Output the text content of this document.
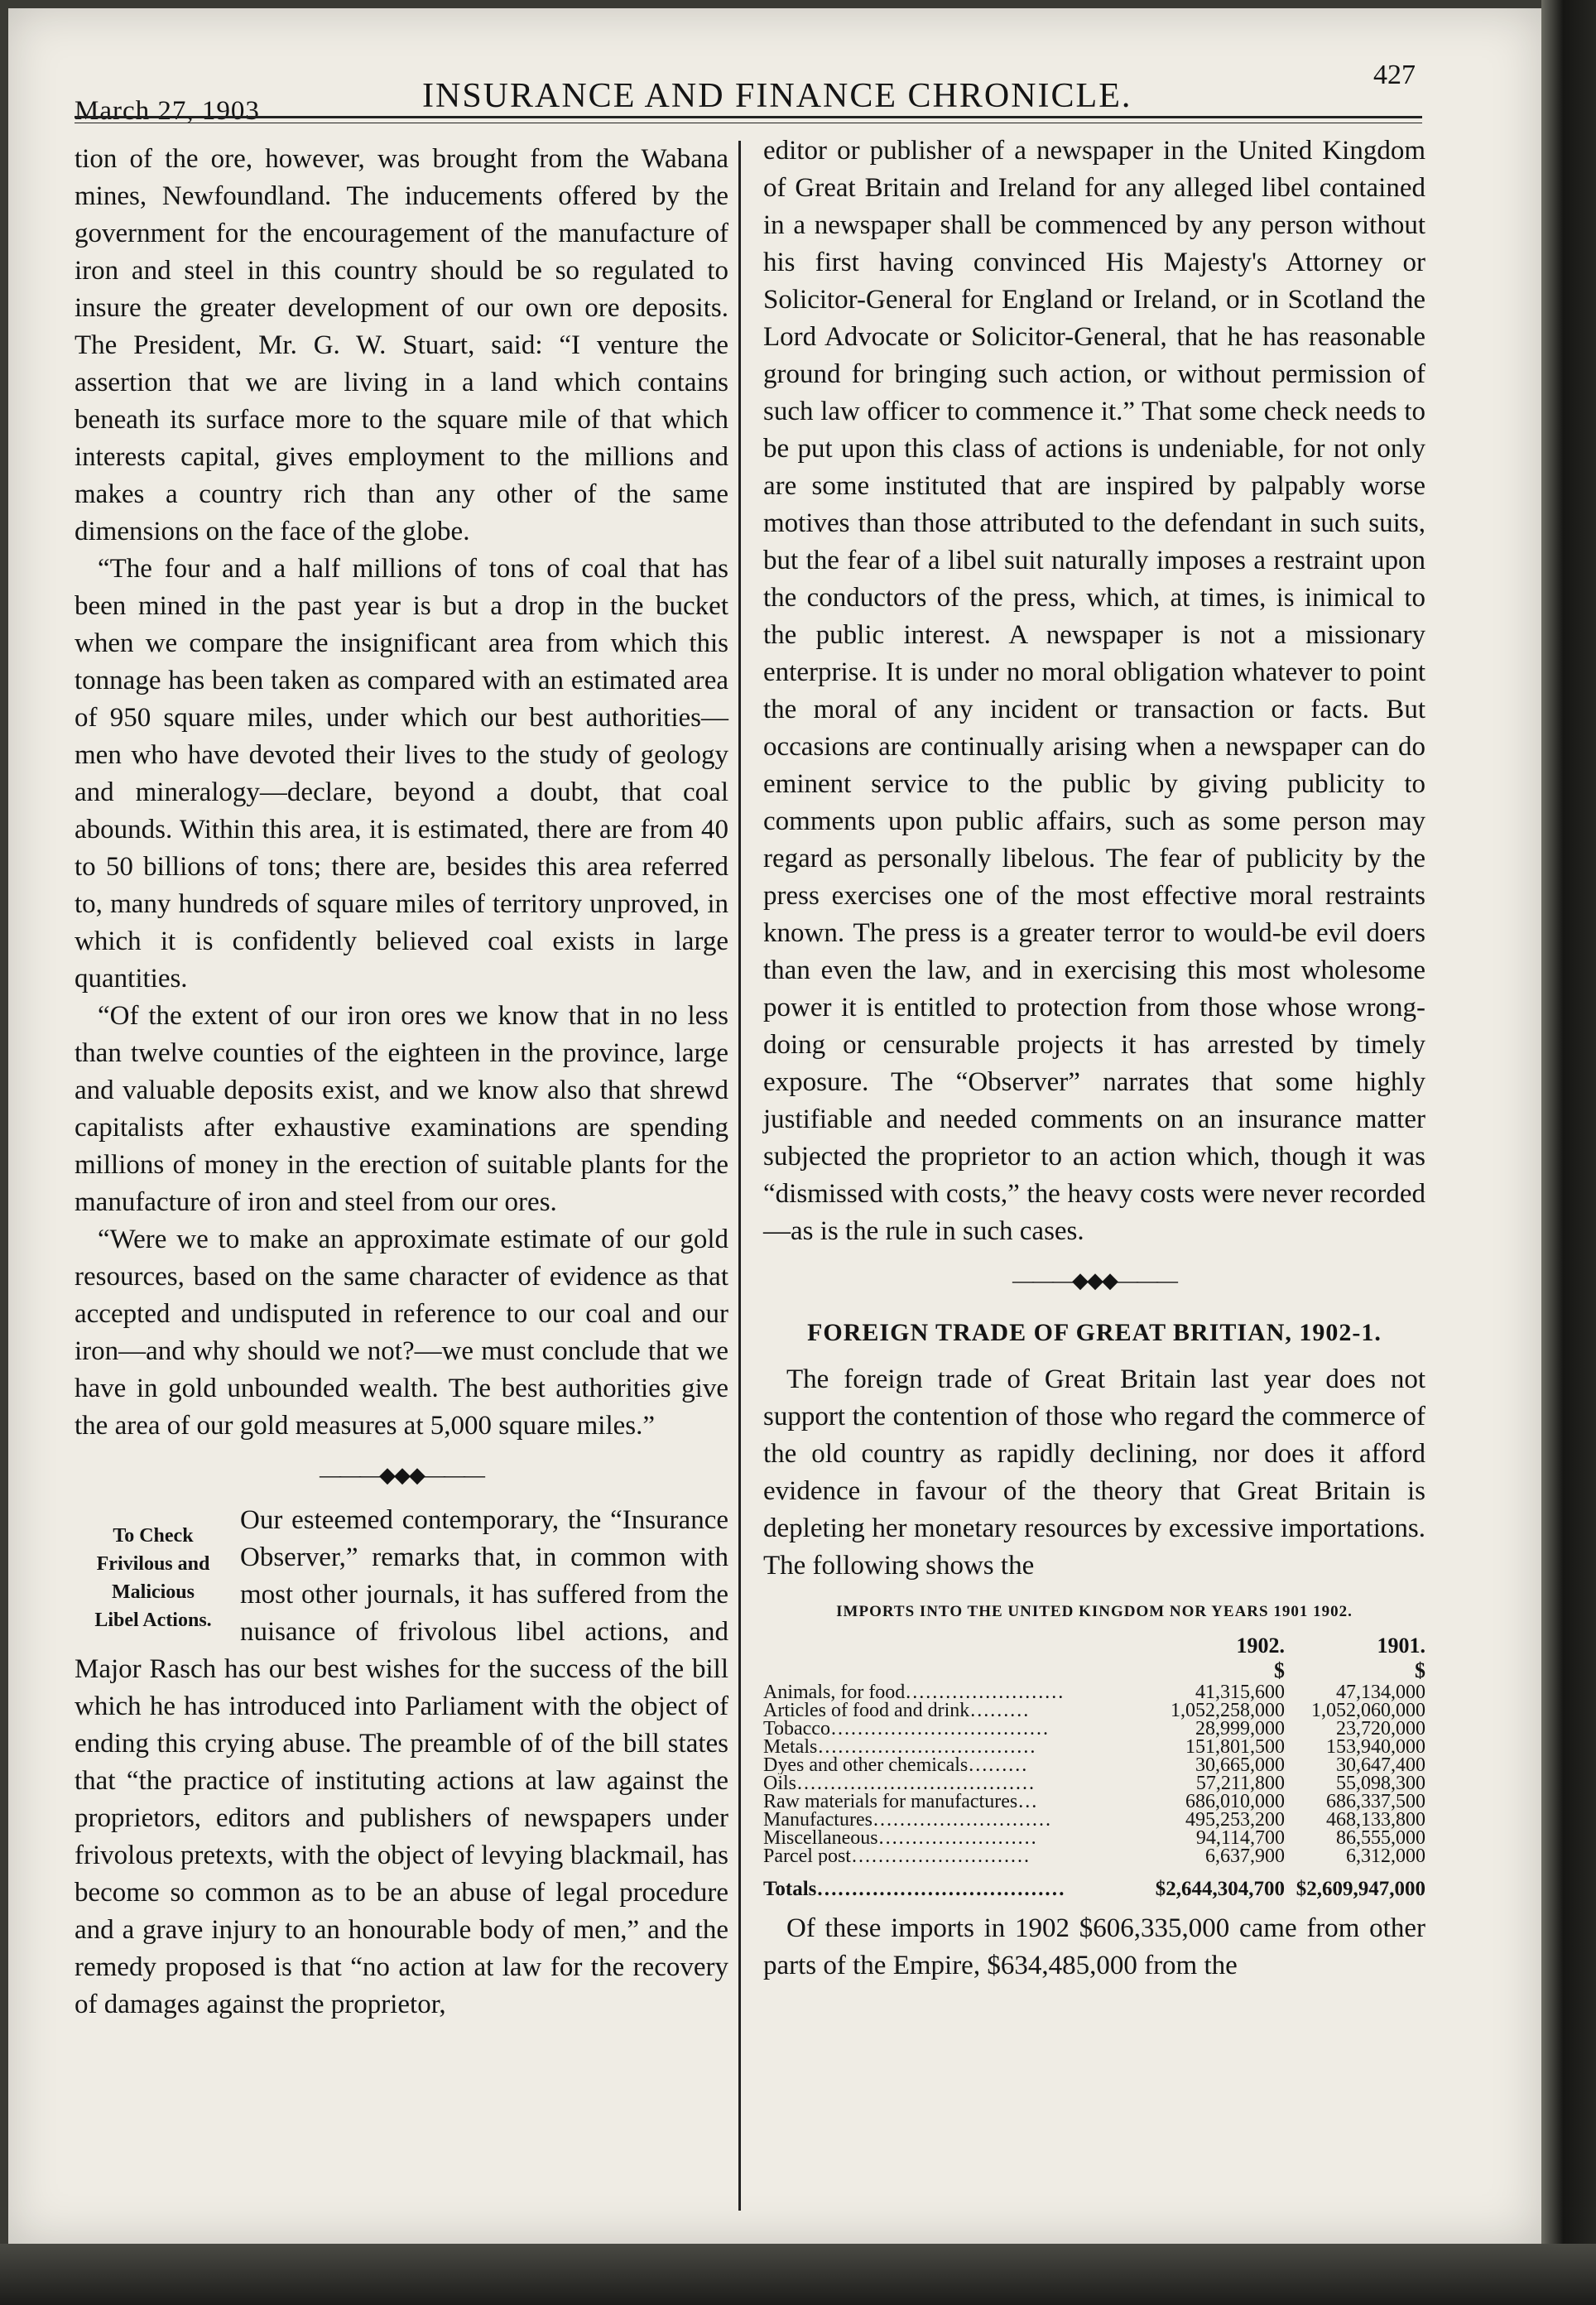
March 27, 1903	INSURANCE AND FINANCE CHRONICLE.
427

tion of the ore, however, was brought from the Wabana mines, Newfoundland. The inducements offered by the government for the encouragement of the manufacture of iron and steel in this country should be so regulated to insure the greater development of our own ore deposits. The President, Mr. G. W. Stuart, said: “I venture the assertion that we are living in a land which contains beneath its surface more to the square mile of that which interests capital, gives employment to the millions and makes a country rich than any other of the same dimensions on the face of the globe.

“The four and a half millions of tons of coal that has been mined in the past year is but a drop in the bucket when we compare the insignificant area from which this tonnage has been taken as compared with an estimated area of 950 square miles, under which our best authorities—men who have devoted their lives to the study of geology and mineralogy—declare, beyond a doubt, that coal abounds. Within this area, it is estimated, there are from 40 to 50 billions of tons; there are, besides this area referred to, many hundreds of square miles of territory unproved, in which it is confidently believed coal exists in large quantities.

“Of the extent of our iron ores we know that in no less than twelve counties of the eighteen in the province, large and valuable deposits exist, and we know also that shrewd capitalists after exhaustive examinations are spending millions of money in the erection of suitable plants for the manufacture of iron and steel from our ores.

“Were we to make an approximate estimate of our gold resources, based on the same character of evidence as that accepted and undisputed in reference to our coal and our iron—and why should we not?—we must conclude that we have in gold unbounded wealth. The best authorities give the area of our gold measures at 5,000 square miles.”

———◆◆◆———
To Check
Frivilous and
Malicious
Libel Actions.

Our esteemed contemporary, the “Insurance Observer,” remarks that, in common with most other journals, it has suffered from the nuisance of frivolous libel actions, and Major Rasch has our best wishes for the success of the bill which he has introduced into Parliament with the object of ending this crying abuse. The preamble of of the bill states that “the practice of instituting actions at law against the proprietors, editors and publishers of newspapers under frivolous pretexts, with the object of levying blackmail, has become so common as to be an abuse of legal procedure and a grave injury to an honourable body of men,” and the remedy proposed is that “no action at law for the recovery of damages against the proprietor,

editor or publisher of a newspaper in the United Kingdom of Great Britain and Ireland for any alleged libel contained in a newspaper shall be commenced by any person without his first having convinced His Majesty's Attorney or Solicitor-General for England or Ireland, or in Scotland the Lord Advocate or Solicitor-General, that he has reasonable ground for bringing such action, or without permission of such law officer to commence it.” That some check needs to be put upon this class of actions is undeniable, for not only are some instituted that are inspired by palpably worse motives than those attributed to the defendant in such suits, but the fear of a libel suit naturally imposes a restraint upon the conductors of the press, which, at times, is inimical to the public interest. A newspaper is not a missionary enterprise. It is under no moral obligation whatever to point the moral of any incident or transaction or facts. But occasions are continually arising when a newspaper can do eminent service to the public by giving publicity to comments upon public affairs, such as some person may regard as personally libelous. The fear of publicity by the press exercises one of the most effective moral restraints known. The press is a greater terror to would-be evil doers than even the law, and in exercising this most wholesome power it is entitled to protection from those whose wrong-doing or censurable projects it has arrested by timely exposure. The “Observer” narrates that some highly justifiable and needed comments on an insurance matter subjected the proprietor to an action which, though it was “dismissed with costs,” the heavy costs were never recorded—as is the rule in such cases.

———◆◆◆———
FOREIGN TRADE OF GREAT BRITIAN, 1902-1.

The foreign trade of Great Britain last year does not support the contention of those who regard the commerce of the old country as rapidly declining, nor does it afford evidence in favour of the theory that Great Britain is depleting her monetary resources by excessive importations. The following shows the

IMPORTS INTO THE UNITED KINGDOM NOR YEARS 1901 1902.
	1902.	1901.
	$	$
Animals, for food……………………	41,315,600	47,134,000
Articles of food and drink………	1,052,258,000	1,052,060,000
Tobacco……………………………	28,999,000	23,720,000
Metals……………………………	151,801,500	153,940,000
Dyes and other chemicals………	30,665,000	30,647,400
Oils………………………………	57,211,800	55,098,300
Raw materials for manufactures…	686,010,000	686,337,500
Manufactures………………………	495,253,200	468,133,800
Miscellaneous……………………	94,114,700	86,555,000
Parcel post………………………	6,637,900	6,312,000
Totals………………………………	$2,644,304,700	$2,609,947,000

Of these imports in 1902 $606,335,000 came from other parts of the Empire, $634,485,000 from the
